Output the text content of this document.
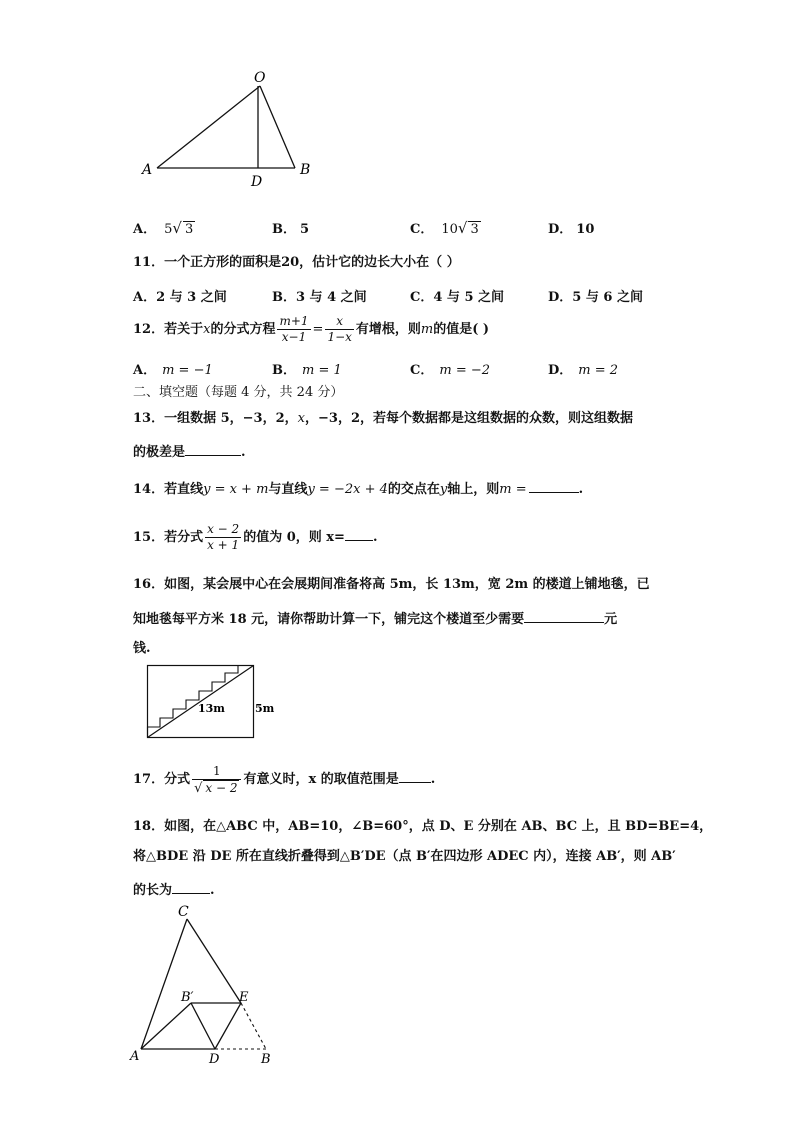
O
A	B
D
A． 5√ 3	B． 5	C． 10√ 3	D． 10
11．一个正方形的面积是20，估计它的边长大小在（ ）
A．2 与 3 之间	B．3 与 4 之间	C．4 与 5 之间	D．5 与 6 之间
12．若关于x的分式方程 $\frac{m+1}{x-1} = \frac{x}{1-x}$ 有增根，则m的值是( )
A． m = −1	B． m = 1	C． m = −2	D． m = 2
二、填空题（每题 4 分，共 24 分）
13．一组数据 5，−3，2，x，−3，2，若每个数据都是这组数据的众数，则这组数据
的极差是	.
14．若直线y = x + m与直线y = −2x + 4的交点在y轴上，则m =	.
15．若分式 $\frac{x - 2}{x + 1}$ 的值为 0，则 x= .
16．如图，某会展中心在会展期间准备将高 5m，长 13m，宽 2m 的楼道上铺地毯，已
知地毯每平方米 18 元，请你帮助计算一下，铺完这个楼道至少需要	元
钱.
13m	5m
17．分式 $\frac{1}{√ x - 2}$ 有意义时，x 的取值范围是 .
18．如图，在△ABC 中，AB=10，∠B=60°，点 D、E 分别在 AB、BC 上，且 BD=BE=4，
将△BDE 沿 DE 所在直线折叠得到△B′DE（点 B′在四边形 ADEC 内），连接 AB′，则 AB′
的长为	.
C
B′	E
A	D	B
